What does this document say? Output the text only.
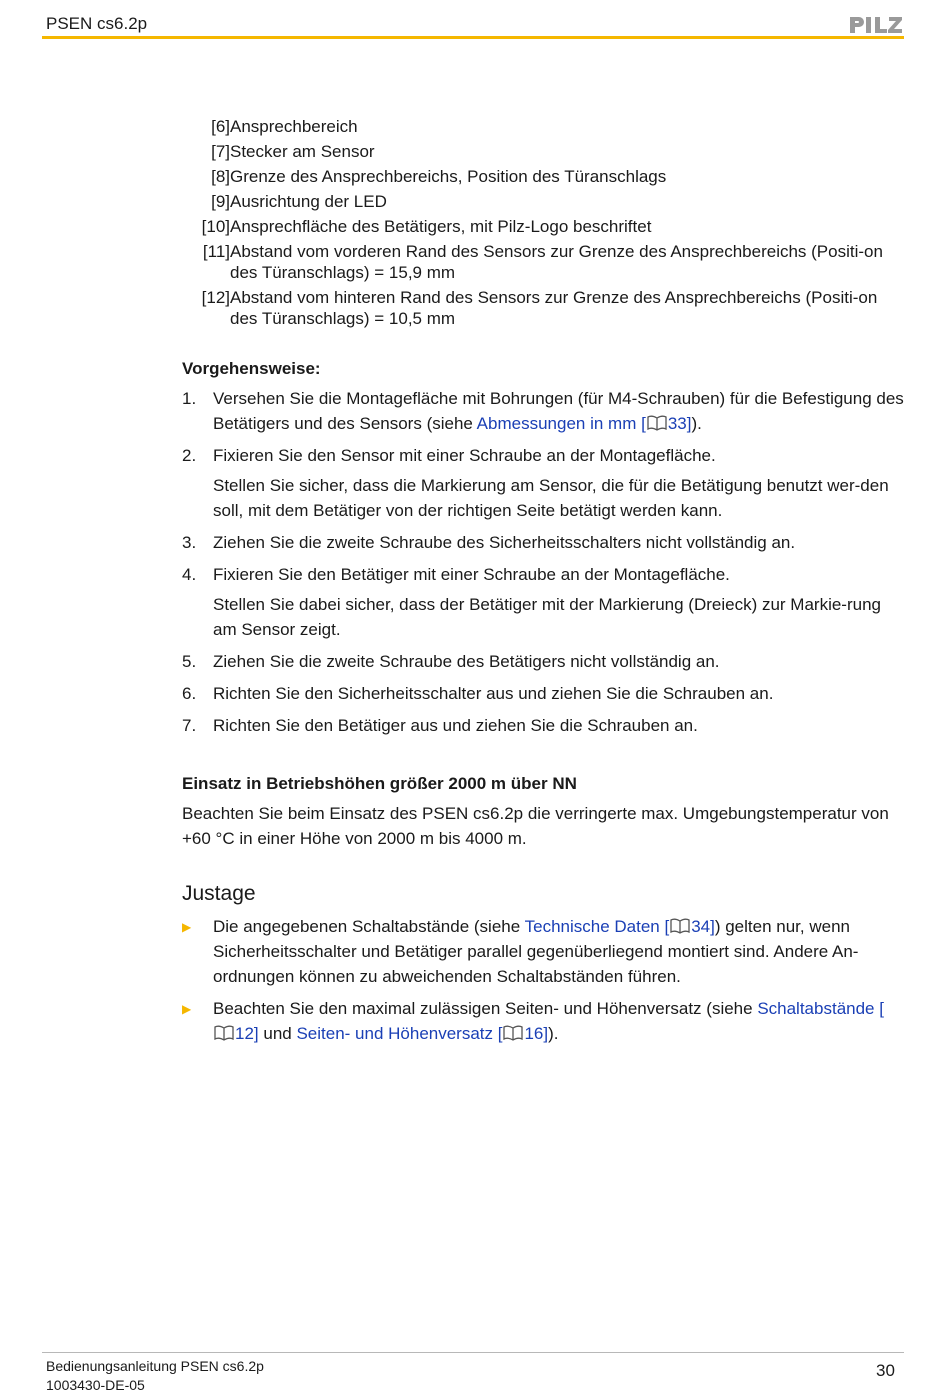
PSEN cs6.2p
[6] Ansprechbereich
[7] Stecker am Sensor
[8] Grenze des Ansprechbereichs, Position des Türanschlags
[9] Ausrichtung der LED
[10] Ansprechfläche des Betätigers, mit Pilz-Logo beschriftet
[11] Abstand vom vorderen Rand des Sensors zur Grenze des Ansprechbereichs (Positi-on des Türanschlags) = 15,9 mm
[12] Abstand vom hinteren Rand des Sensors zur Grenze des Ansprechbereichs (Positi-on des Türanschlags) = 10,5 mm
Vorgehensweise:
1. Versehen Sie die Montagefläche mit Bohrungen (für M4-Schrauben) für die Befestigung des Betätigers und des Sensors (siehe Abmessungen in mm [ 33]).
2. Fixieren Sie den Sensor mit einer Schraube an der Montagefläche.
Stellen Sie sicher, dass die Markierung am Sensor, die für die Betätigung benutzt wer-den soll, mit dem Betätiger von der richtigen Seite betätigt werden kann.
3. Ziehen Sie die zweite Schraube des Sicherheitsschalters nicht vollständig an.
4. Fixieren Sie den Betätiger mit einer Schraube an der Montagefläche.
Stellen Sie dabei sicher, dass der Betätiger mit der Markierung (Dreieck) zur Markie-rung am Sensor zeigt.
5. Ziehen Sie die zweite Schraube des Betätigers nicht vollständig an.
6. Richten Sie den Sicherheitsschalter aus und ziehen Sie die Schrauben an.
7. Richten Sie den Betätiger aus und ziehen Sie die Schrauben an.
Einsatz in Betriebshöhen größer 2000 m über NN
Beachten Sie beim Einsatz des PSEN cs6.2p die verringerte max. Umgebungstemperatur von +60 °C in einer Höhe von 2000 m bis 4000 m.
Justage
▶	Die angegebenen Schaltabstände (siehe Technische Daten [ 34]) gelten nur, wenn Sicherheitsschalter und Betätiger parallel gegenüberliegend montiert sind. Andere An-ordnungen können zu abweichenden Schaltabständen führen.
▶	Beachten Sie den maximal zulässigen Seiten- und Höhenversatz (siehe Schaltabstände [12] und Seiten- und Höhenversatz [ 16]).
Bedienungsanleitung PSEN cs6.2p
1003430-DE-05
30
